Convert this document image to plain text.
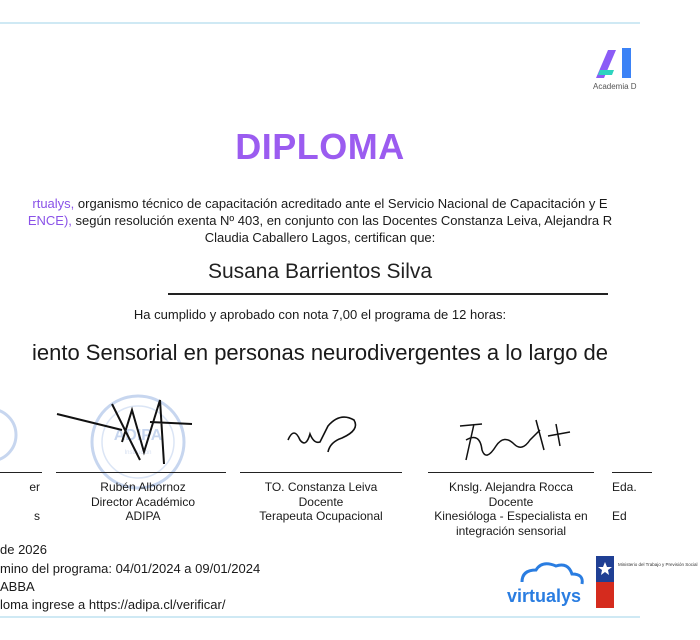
Academia D
DIPLOMA
rtualys, organismo técnico de capacitación acreditado ante el Servicio Nacional de Capacitación y E
ENCE), según resolución exenta Nº 403, en conjunto con las Docentes Constanza Leiva, Alejandra R
Claudia Caballero Lagos, certifican que:
Susana Barrientos Silva
Ha cumplido y aprobado con nota 7,00 el programa de 12 horas:
iento Sensorial en personas neurodivergentes a lo largo de
ADIPA
Institución
er
s
Rubén Albornoz
Director Académico
ADIPA
TO. Constanza Leiva
Docente
Terapeuta Ocupacional
Knslg. Alejandra Rocca
Docente
Kinesióloga - Especialista en
integración sensorial
Eda.
Ed
de 2026
mino del programa: 04/01/2024 a 09/01/2024
ABBA
loma ingrese a https://adipa.cl/verificar/	virtualys
Ministerio del Trabajo y Previsión Social
